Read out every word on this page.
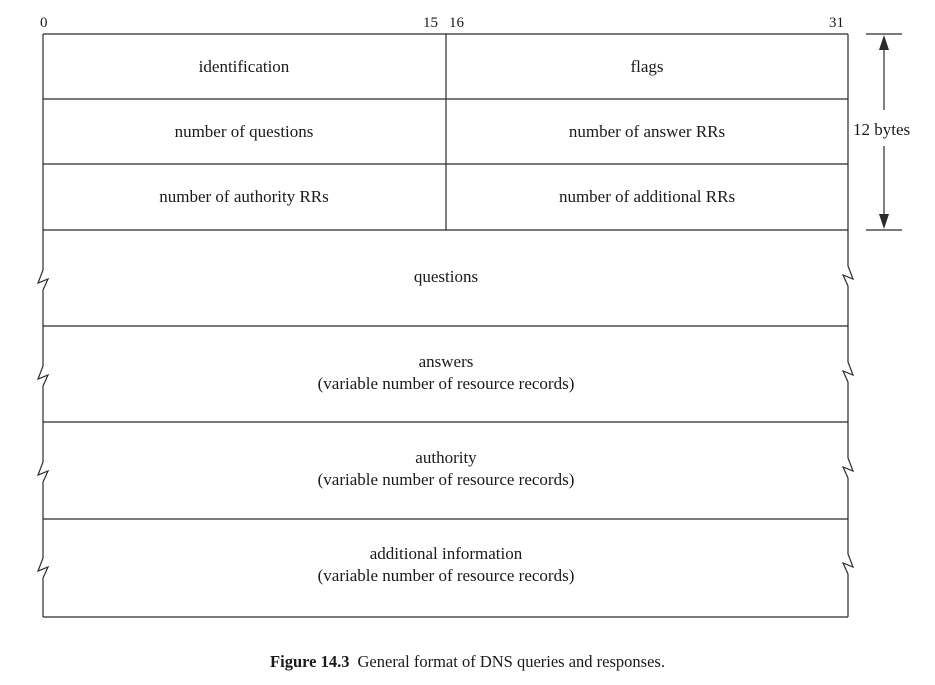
0	15 16	31
identification	flags
number of questions	number of answer RRs
number of authority RRs	number of additional RRs
12 bytes
questions
answers
(variable number of resource records)
authority
(variable number of resource records)
additional information
(variable number of resource records)
Figure 14.3 General format of DNS queries and responses.
